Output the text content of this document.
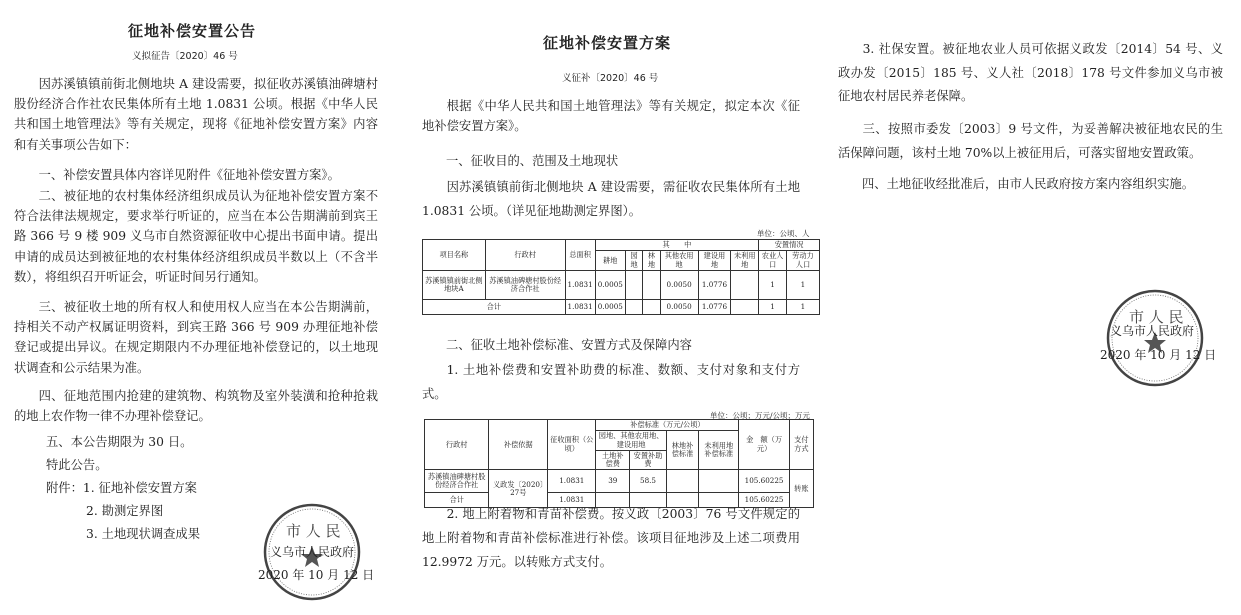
征地补偿安置公告
义拟征告〔2020〕46 号

因苏溪镇镇前街北侧地块 A 建设需要，拟征收苏溪镇油碑塘村股份经济合作社农民集体所有土地 1.0831 公顷。根据《中华人民共和国土地管理法》等有关规定，现将《征地补偿安置方案》内容和有关事项公告如下：

一、补偿安置具体内容详见附件《征地补偿安置方案》。

二、被征地的农村集体经济组织成员认为征地补偿安置方案不符合法律法规规定，要求举行听证的，应当在本公告期满前到宾王路 366 号 9 楼 909 义乌市自然资源征收中心提出书面申请。提出申请的成员达到被征地的农村集体经济组织成员半数以上（不含半数），将组织召开听证会，听证时间另行通知。

三、被征收土地的所有权人和使用权人应当在本公告期满前，持相关不动产权属证明资料，到宾王路 366 号 909 办理征地补偿登记或提出异议。在规定期限内不办理征地补偿登记的，以土地现状调查和公示结果为准。

四、征地范围内抢建的建筑物、构筑物及室外装潢和抢种抢栽的地上农作物一律不办理补偿登记。

五、本公告期限为 30 日。
特此公告。
附件：1. 征地补偿安置方案
2. 勘测定界图
3. 土地现状调查成果	市 人 民
义乌市人民政府
2020 年 10 月 12 日
征地补偿安置方案
义征补〔2020〕46 号

根据《中华人民共和国土地管理法》等有关规定，拟定本次《征地补偿安置方案》。

一、征收目的、范围及土地现状

因苏溪镇镇前街北侧地块 A 建设需要，需征收农民集体所有土地 1.0831 公顷。（详见征地勘测定界图）。

单位：公顷、人
项目名称	行政村	总面积	其　　中						安置情况	
			耕地	园地	林地	其他农用地	建设用地	未利用地	农业人口	劳动力人口
苏溪镇镇前街北侧地块A	苏溪镇油碑塘村股份经济合作社	1.0831	0.0005			0.0050	1.0776		1	1
合计		1.0831	0.0005			0.0050	1.0776		1	1
二、征收土地补偿标准、安置方式及保障内容

1. 土地补偿费和安置补助费的标准、数额、支付对象和支付方式。

单位：公顷；万元/公顷；万元
行政村	补偿依据	征收面积（公顷）	补偿标准（万元/公顷）				金　额（万元）	支付方式
			园地、其他农用地、建设用地		林地补偿标准	未利用地补偿标准		
			土地补偿费	安置补助费				
苏溪镇油碑塘村股份经济合作社	义政发〔2020〕27号	1.0831	39	58.5			105.60225	转账
合计		1.0831					105.60225	

2. 地上附着物和青苗补偿费。按义政〔2003〕76 号文件规定的地上附着物和青苗补偿标准进行补偿。该项目征地涉及上述二项费用 12.9972 万元。以转账方式支付。

3. 社保安置。被征地农业人员可依据义政发〔2014〕54 号、义政办发〔2015〕185 号、义人社〔2018〕178 号文件参加义乌市被征地农村居民养老保障。

三、按照市委发〔2003〕9 号文件，为妥善解决被征地农民的生活保障问题，该村土地 70%以上被征用后，可落实留地安置政策。

四、土地征收经批准后，由市人民政府按方案内容组织实施。
市 人 民
义乌市人民政府
2020 年 10 月 12 日
